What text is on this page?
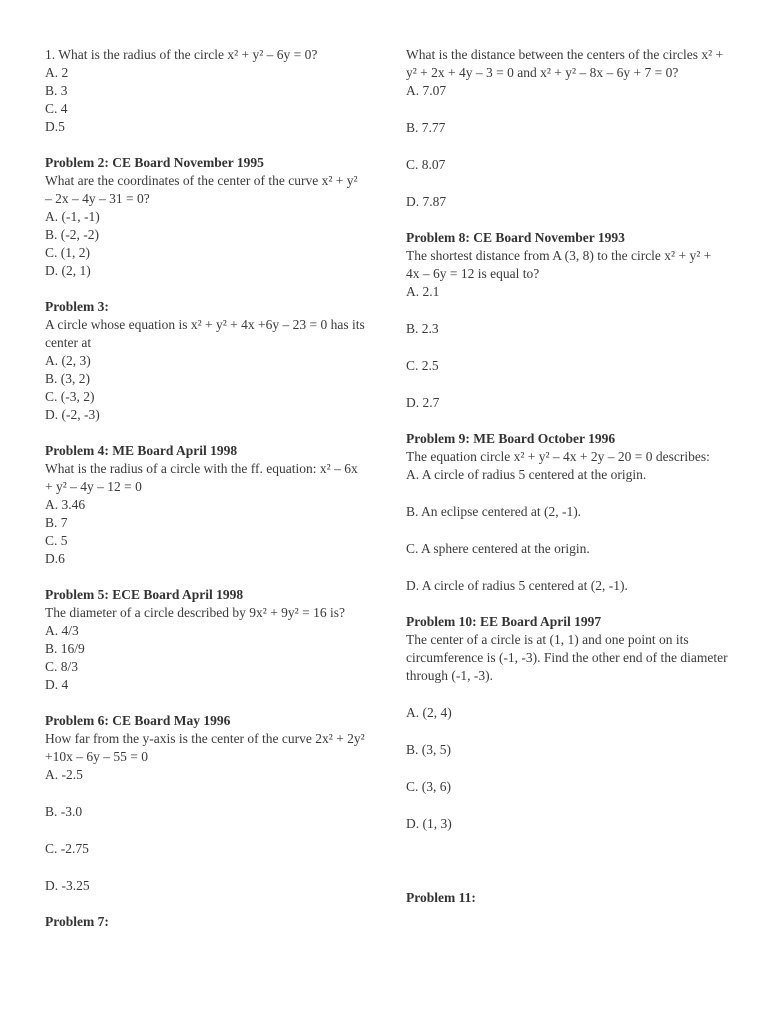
1. What is the radius of the circle x² + y² – 6y = 0?
A. 2
B. 3
C. 4
D.5
Problem 2: CE Board November 1995
What are the coordinates of the center of the curve x² + y² – 2x – 4y – 31 = 0?
A. (-1, -1)
B. (-2, -2)
C. (1, 2)
D. (2, 1)
Problem 3:
A circle whose equation is x² + y² + 4x +6y – 23 = 0 has its center at
A. (2, 3)
B. (3, 2)
C. (-3, 2)
D. (-2, -3)
Problem 4: ME Board April 1998
What is the radius of a circle with the ff. equation: x² – 6x + y² – 4y – 12 = 0
A. 3.46
B. 7
C. 5
D.6
Problem 5: ECE Board April 1998
The diameter of a circle described by 9x² + 9y² = 16 is?
A. 4/3
B. 16/9
C. 8/3
D. 4
Problem 6: CE Board May 1996
How far from the y-axis is the center of the curve 2x² + 2y² +10x – 6y – 55 = 0
A. -2.5
B. -3.0
C. -2.75
D. -3.25
Problem 7:
What is the distance between the centers of the circles x² + y² + 2x + 4y – 3 = 0 and x² + y² – 8x – 6y + 7 = 0?
A. 7.07
B. 7.77
C. 8.07
D. 7.87
Problem 8: CE Board November 1993
The shortest distance from A (3, 8) to the circle x² + y² + 4x – 6y = 12 is equal to?
A. 2.1
B. 2.3
C. 2.5
D. 2.7
Problem 9: ME Board October 1996
The equation circle x² + y² – 4x + 2y – 20 = 0 describes:
A. A circle of radius 5 centered at the origin.
B. An eclipse centered at (2, -1).
C. A sphere centered at the origin.
D. A circle of radius 5 centered at (2, -1).
Problem 10: EE Board April 1997
The center of a circle is at (1, 1) and one point on its circumference is (-1, -3). Find the other end of the diameter through (-1, -3).
A. (2, 4)
B. (3, 5)
C. (3, 6)
D. (1, 3)
Problem 11:
